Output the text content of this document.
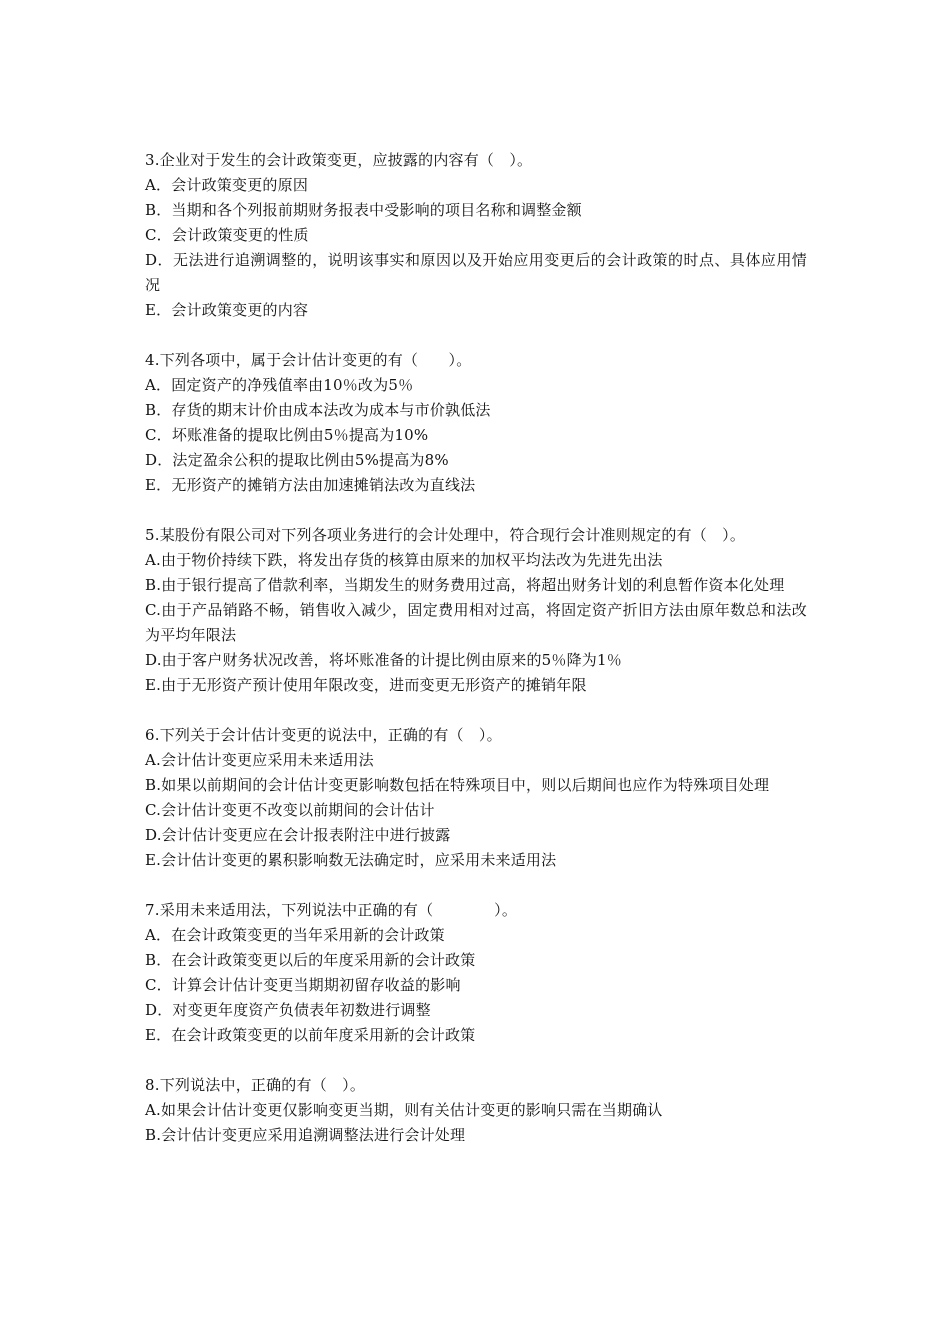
3.企业对于发生的会计政策变更，应披露的内容有（　）。
A．会计政策变更的原因
B．当期和各个列报前期财务报表中受影响的项目名称和调整金额
C．会计政策变更的性质
D．无法进行追溯调整的，说明该事实和原因以及开始应用变更后的会计政策的时点、具体应用情况
E．会计政策变更的内容
4.下列各项中，属于会计估计变更的有（　　）。
A．固定资产的净残值率由10％改为5％
B．存货的期末计价由成本法改为成本与市价孰低法
C．坏账准备的提取比例由5％提高为10%
D．法定盈余公积的提取比例由5%提高为8%
E．无形资产的摊销方法由加速摊销法改为直线法
5.某股份有限公司对下列各项业务进行的会计处理中，符合现行会计准则规定的有（　）。
A.由于物价持续下跌，将发出存货的核算由原来的加权平均法改为先进先出法
B.由于银行提高了借款利率，当期发生的财务费用过高，将超出财务计划的利息暂作资本化处理
C.由于产品销路不畅，销售收入减少，固定费用相对过高，将固定资产折旧方法由原年数总和法改为平均年限法
D.由于客户财务状况改善，将坏账准备的计提比例由原来的5％降为1％
E.由于无形资产预计使用年限改变，进而变更无形资产的摊销年限
6.下列关于会计估计变更的说法中，正确的有（　）。
A.会计估计变更应采用未来适用法
B.如果以前期间的会计估计变更影响数包括在特殊项目中，则以后期间也应作为特殊项目处理
C.会计估计变更不改变以前期间的会计估计
D.会计估计变更应在会计报表附注中进行披露
E.会计估计变更的累积影响数无法确定时，应采用未来适用法
7.采用未来适用法，下列说法中正确的有（　　　　）。
A．在会计政策变更的当年采用新的会计政策
B．在会计政策变更以后的年度采用新的会计政策
C．计算会计估计变更当期期初留存收益的影响
D．对变更年度资产负债表年初数进行调整
E．在会计政策变更的以前年度采用新的会计政策
8.下列说法中，正确的有（　）。
A.如果会计估计变更仅影响变更当期，则有关估计变更的影响只需在当期确认
B.会计估计变更应采用追溯调整法进行会计处理
